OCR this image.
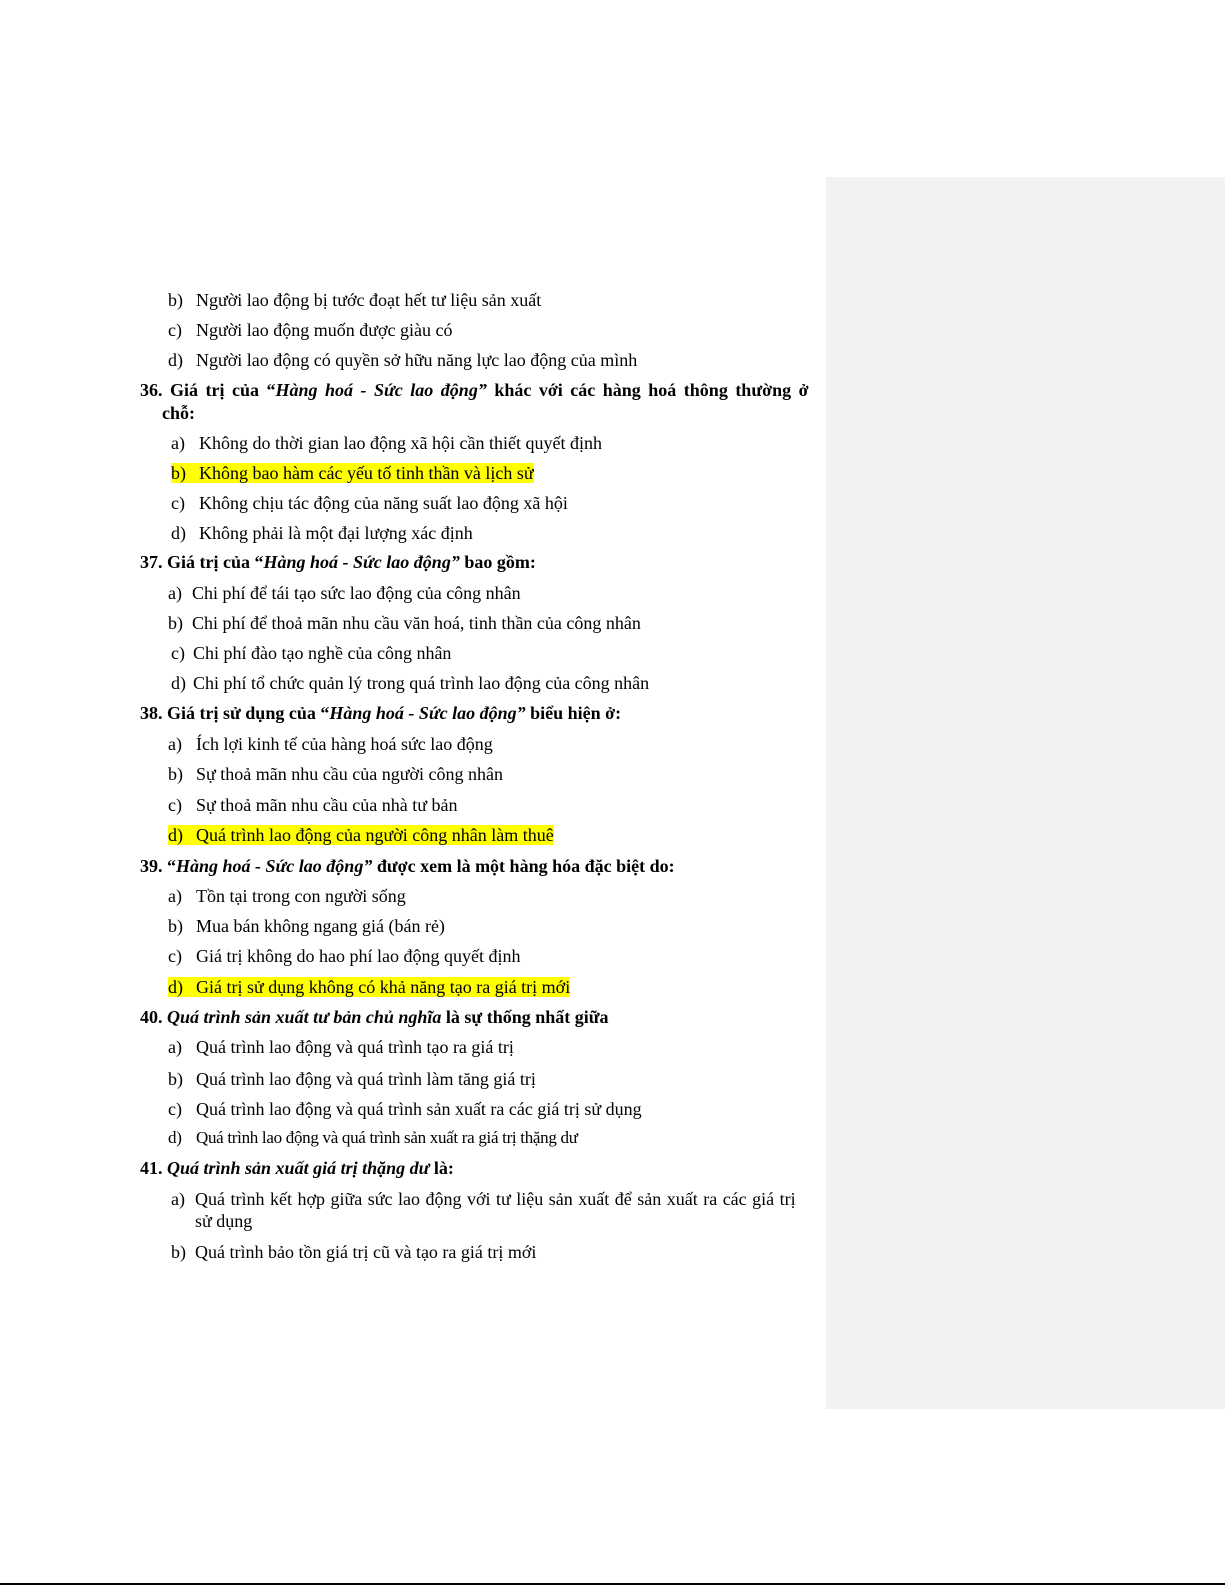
b) Người lao động bị tước đoạt hết tư liệu sản xuất
c) Người lao động muốn được giàu có
d) Người lao động có quyền sở hữu năng lực lao động của mình
36. Giá trị của “Hàng hoá - Sức lao động” khác với các hàng hoá thông thường ở
chỗ:
a) Không do thời gian lao động xã hội cần thiết quyết định
b) Không bao hàm các yếu tố tinh thần và lịch sử
c) Không chịu tác động của năng suất lao động xã hội
d) Không phải là một đại lượng xác định
37. Giá trị của “Hàng hoá - Sức lao động” bao gồm:
a) Chi phí để tái tạo sức lao động của công nhân
b) Chi phí để thoả mãn nhu cầu văn hoá, tinh thần của công nhân
c) Chi phí đào tạo nghề của công nhân
d) Chi phí tổ chức quản lý trong quá trình lao động của công nhân
38. Giá trị sử dụng của “Hàng hoá - Sức lao động” biểu hiện ở:
a) Ích lợi kinh tế của hàng hoá sức lao động
b) Sự thoả mãn nhu cầu của người công nhân
c) Sự thoả mãn nhu cầu của nhà tư bản
d) Quá trình lao động của người công nhân làm thuê
39. “Hàng hoá - Sức lao động” được xem là một hàng hóa đặc biệt do:
a) Tồn tại trong con người sống
b) Mua bán không ngang giá (bán rẻ)
c) Giá trị không do hao phí lao động quyết định
d) Giá trị sử dụng không có khả năng tạo ra giá trị mới
40. Quá trình sản xuất tư bản chủ nghĩa là sự thống nhất giữa
a) Quá trình lao động và quá trình tạo ra giá trị
b) Quá trình lao động và quá trình làm tăng giá trị
c) Quá trình lao động và quá trình sản xuất ra các giá trị sử dụng
d) Quá trình lao động và quá trình sản xuất ra giá trị thặng dư
41. Quá trình sản xuất giá trị thặng dư là:
a) Quá trình kết hợp giữa sức lao động với tư liệu sản xuất để sản xuất ra các giá trị
sử dụng
b) Quá trình bảo tồn giá trị cũ và tạo ra giá trị mới
